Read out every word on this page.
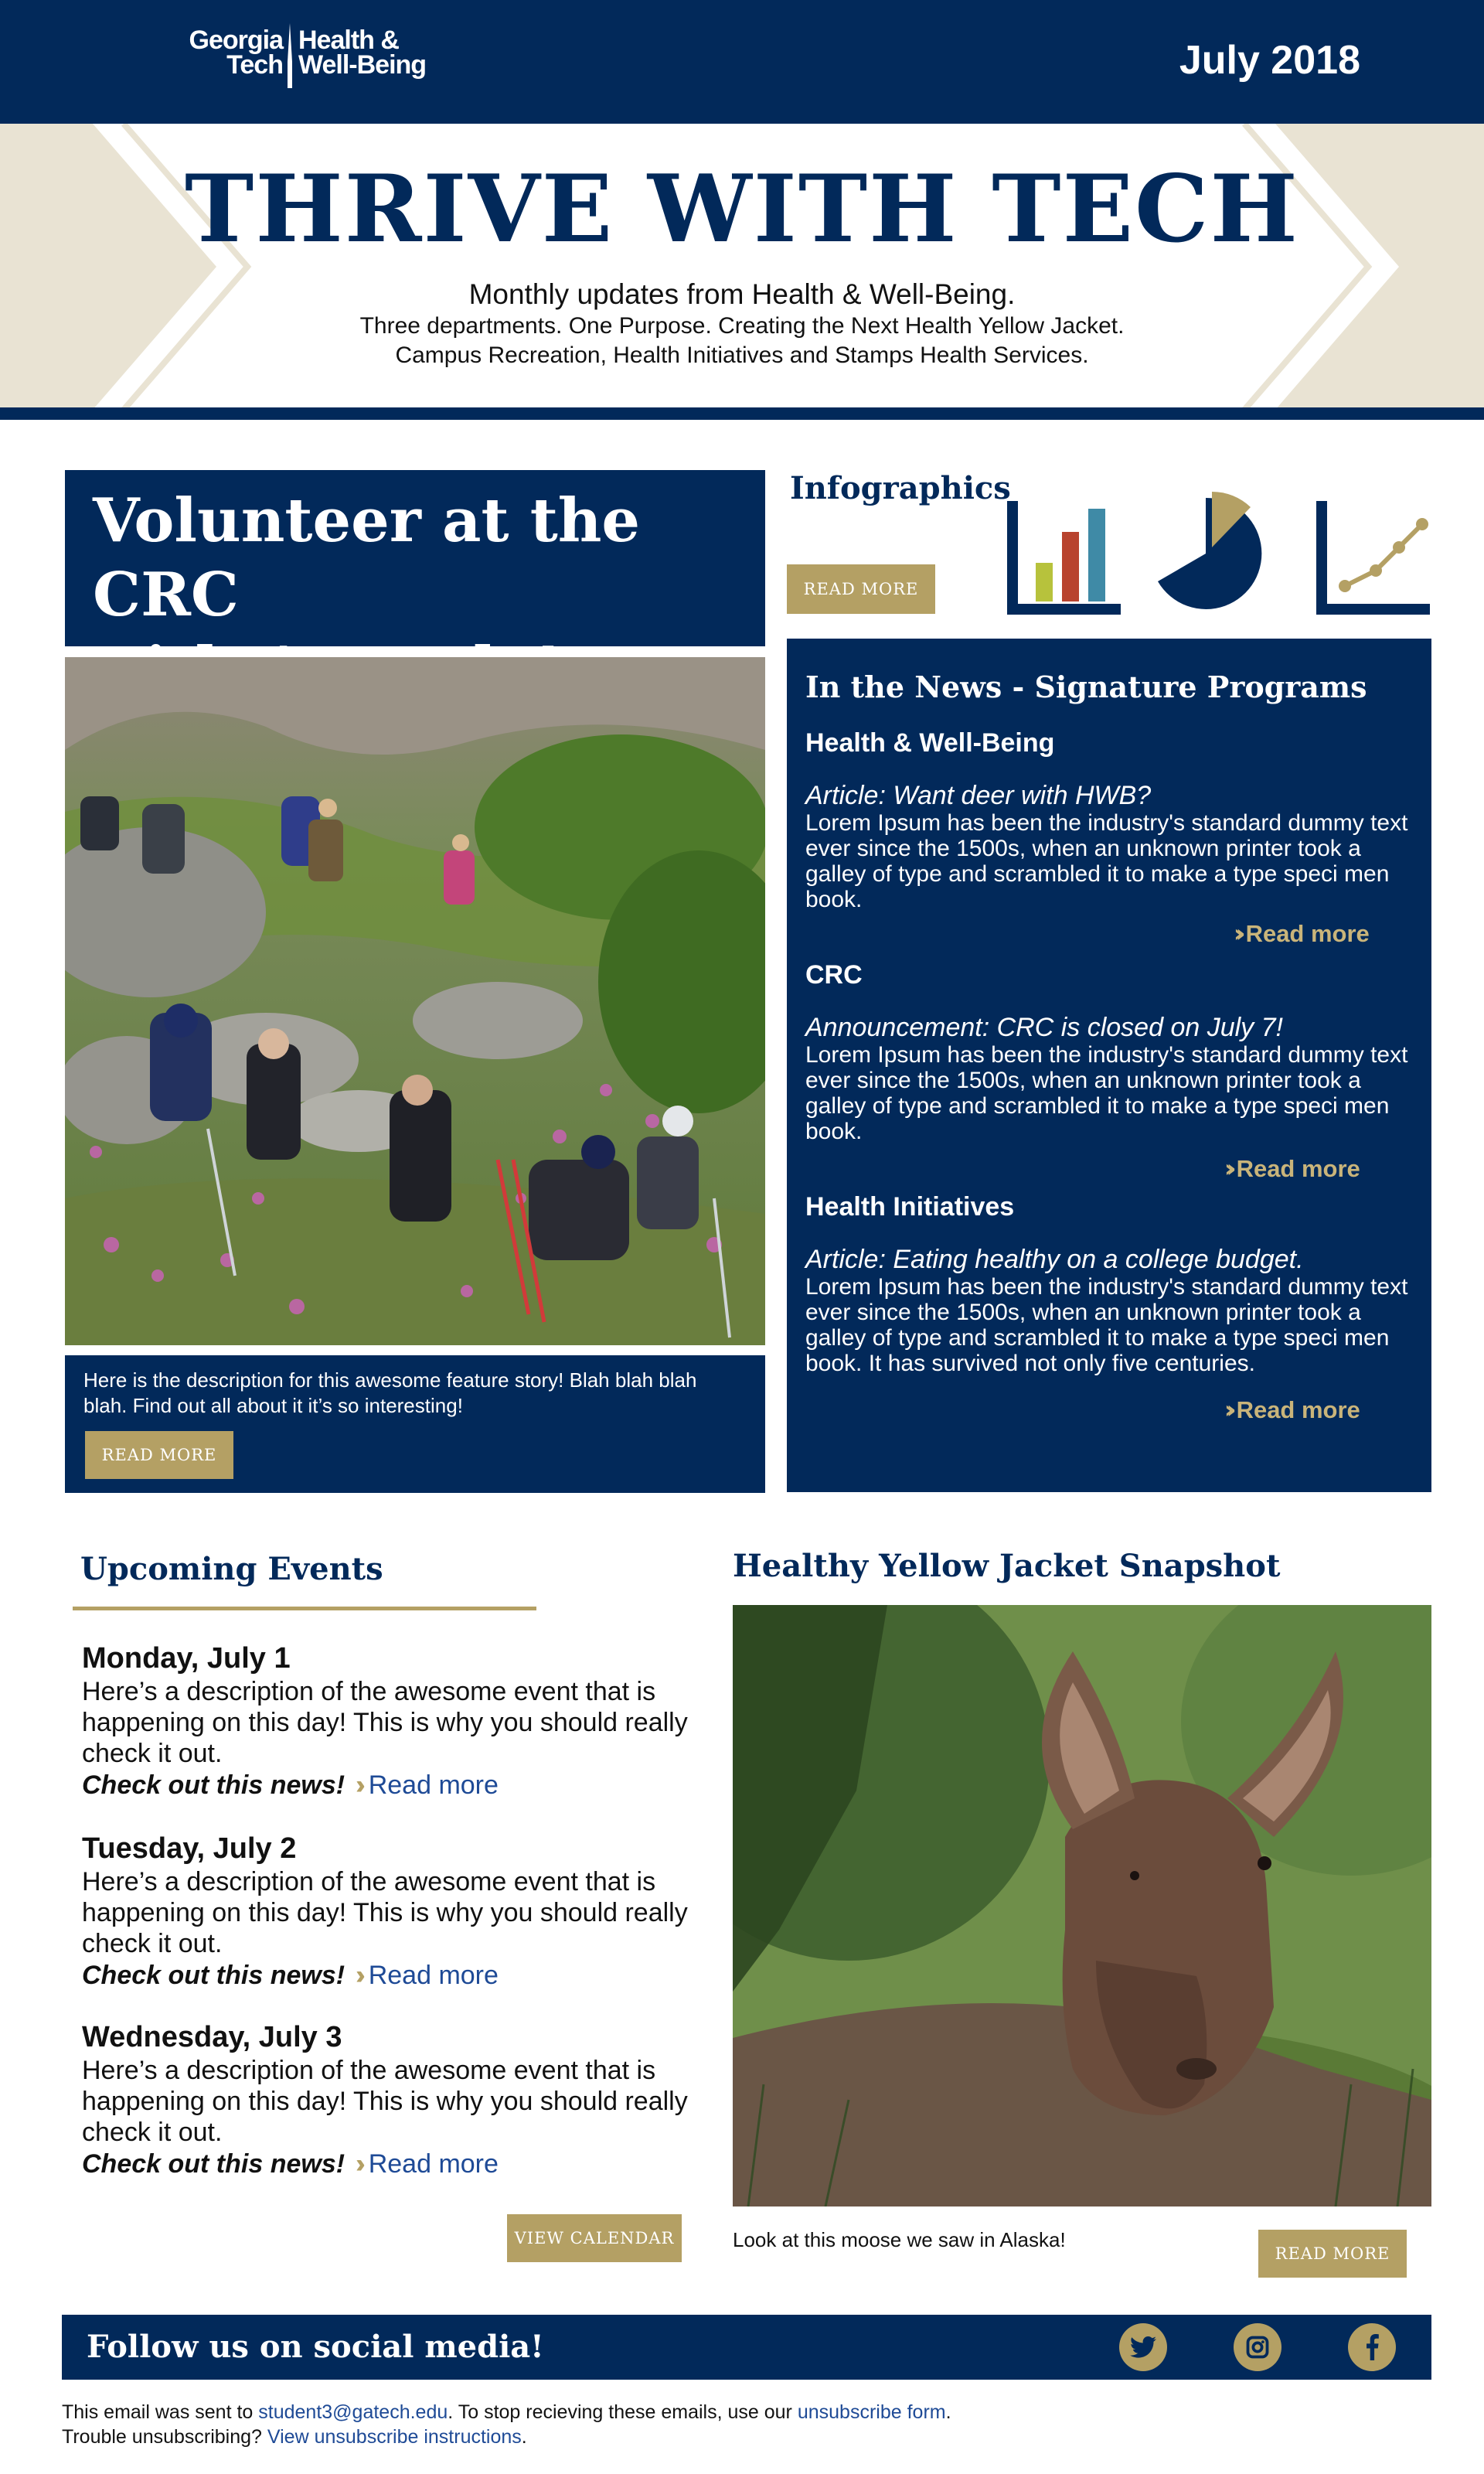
Georgia
Tech
Health &
Well-Being	July 2018
THRIVE WITH TECH
Monthly updates from Health & Well-Being.
Three departments. One Purpose. Creating the Next Health Yellow Jacket.
Campus Recreation, Health Initiatives and Stamps Health Services.
Volunteer at the CRC
Here is the description for this awesome feature story! Blah blah blah blah. Find out all about it it’s so interesting!
READ MORE
Infographics
READ MORE
In the News - Signature Programs
Health & Well-Being
Article: Want deer with HWB?
Lorem Ipsum has been the industry's standard dummy text ever since the 1500s, when an unknown printer took a galley of type and scrambled it to make a type speci men book.
›› Read more
CRC
Announcement: CRC is closed on July 7!
Lorem Ipsum has been the industry's standard dummy text ever since the 1500s, when an unknown printer took a galley of type and scrambled it to make a type speci men book.
›› Read more
Health Initiatives
Article: Eating healthy on a college budget.
Lorem Ipsum has been the industry's standard dummy text ever since the 1500s, when an unknown printer took a galley of type and scrambled it to make a type speci men book. It has survived not only five centuries.
›› Read more
Upcoming Events
Monday, July 1
Here’s a description of the awesome event that is happening on this day! This is why you should really check it out.
Check out this news! ›› Read more
Tuesday, July 2
Here’s a description of the awesome event that is happening on this day! This is why you should really check it out.
Check out this news! ›› Read more
Wednesday, July 3
Here’s a description of the awesome event that is happening on this day! This is why you should really check it out.
Check out this news! ›› Read more
VIEW CALENDAR
Healthy Yellow Jacket Snapshot
Look at this moose we saw in Alaska!
READ MORE
Follow us on social media!
This email was sent to student3@gatech.edu. To stop recieving these emails, use our unsubscribe form.
Trouble unsubscribing? View unsubscribe instructions.
